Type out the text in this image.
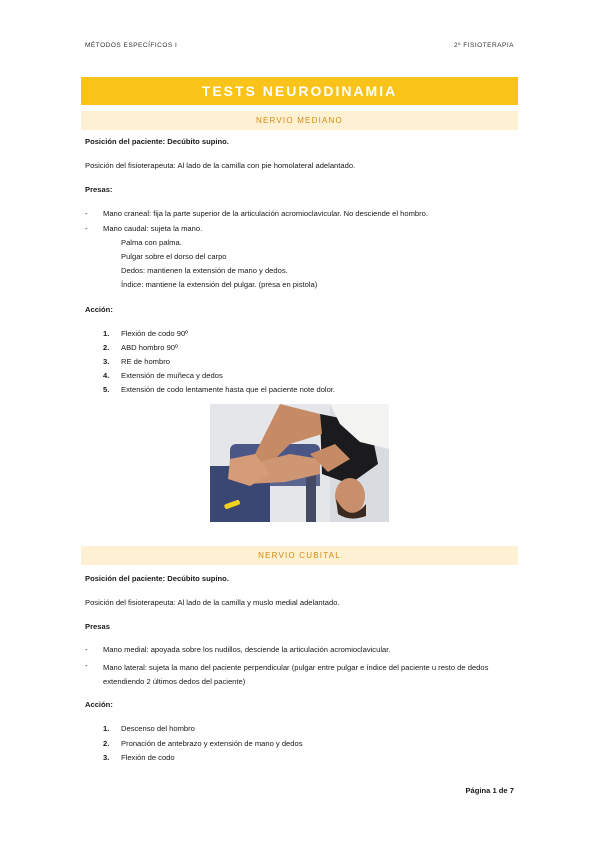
MÉTODOS ESPECÍFICOS I	2º FISIOTERAPIA
TESTS NEURODINAMIA
NERVIO MEDIANO
Posición del paciente: Decúbito supino.
Posición del fisioterapeuta: Al lado de la camilla con pie homolateral adelantado.
Presas:
- Mano craneal: fija la parte superior de la articulación acromioclavicular. No desciende el hombro.
- Mano caudal: sujeta la mano.
Palma con palma.
Pulgar sobre el dorso del carpo
Dedos: mantienen la extensión de mano y dedos.
Índice: mantiene la extensión del pulgar. (presa en pistola)
Acción:
1. Flexión de codo 90º
2. ABD hombro 90º
3. RE de hombro
4. Extensión de muñeca y dedos
5. Extensión de codo lentamente hasta que el paciente note dolor.
NERVIO CUBITAL
Posición del paciente: Decúbito supino.
Posición del fisioterapeuta: Al lado de la camilla y muslo medial adelantado.
Presas
- Mano medial: apoyada sobre los nudillos, desciende la articulación acromioclavicular.
- Mano lateral: sujeta la mano del paciente perpendicular (pulgar entre pulgar e índice del paciente u resto de dedos extendiendo 2 últimos dedos del paciente)
Acción:
1. Descenso del hombro
2. Pronación de antebrazo y extensión de mano y dedos
3. Flexión de codo
Página 1 de 7
